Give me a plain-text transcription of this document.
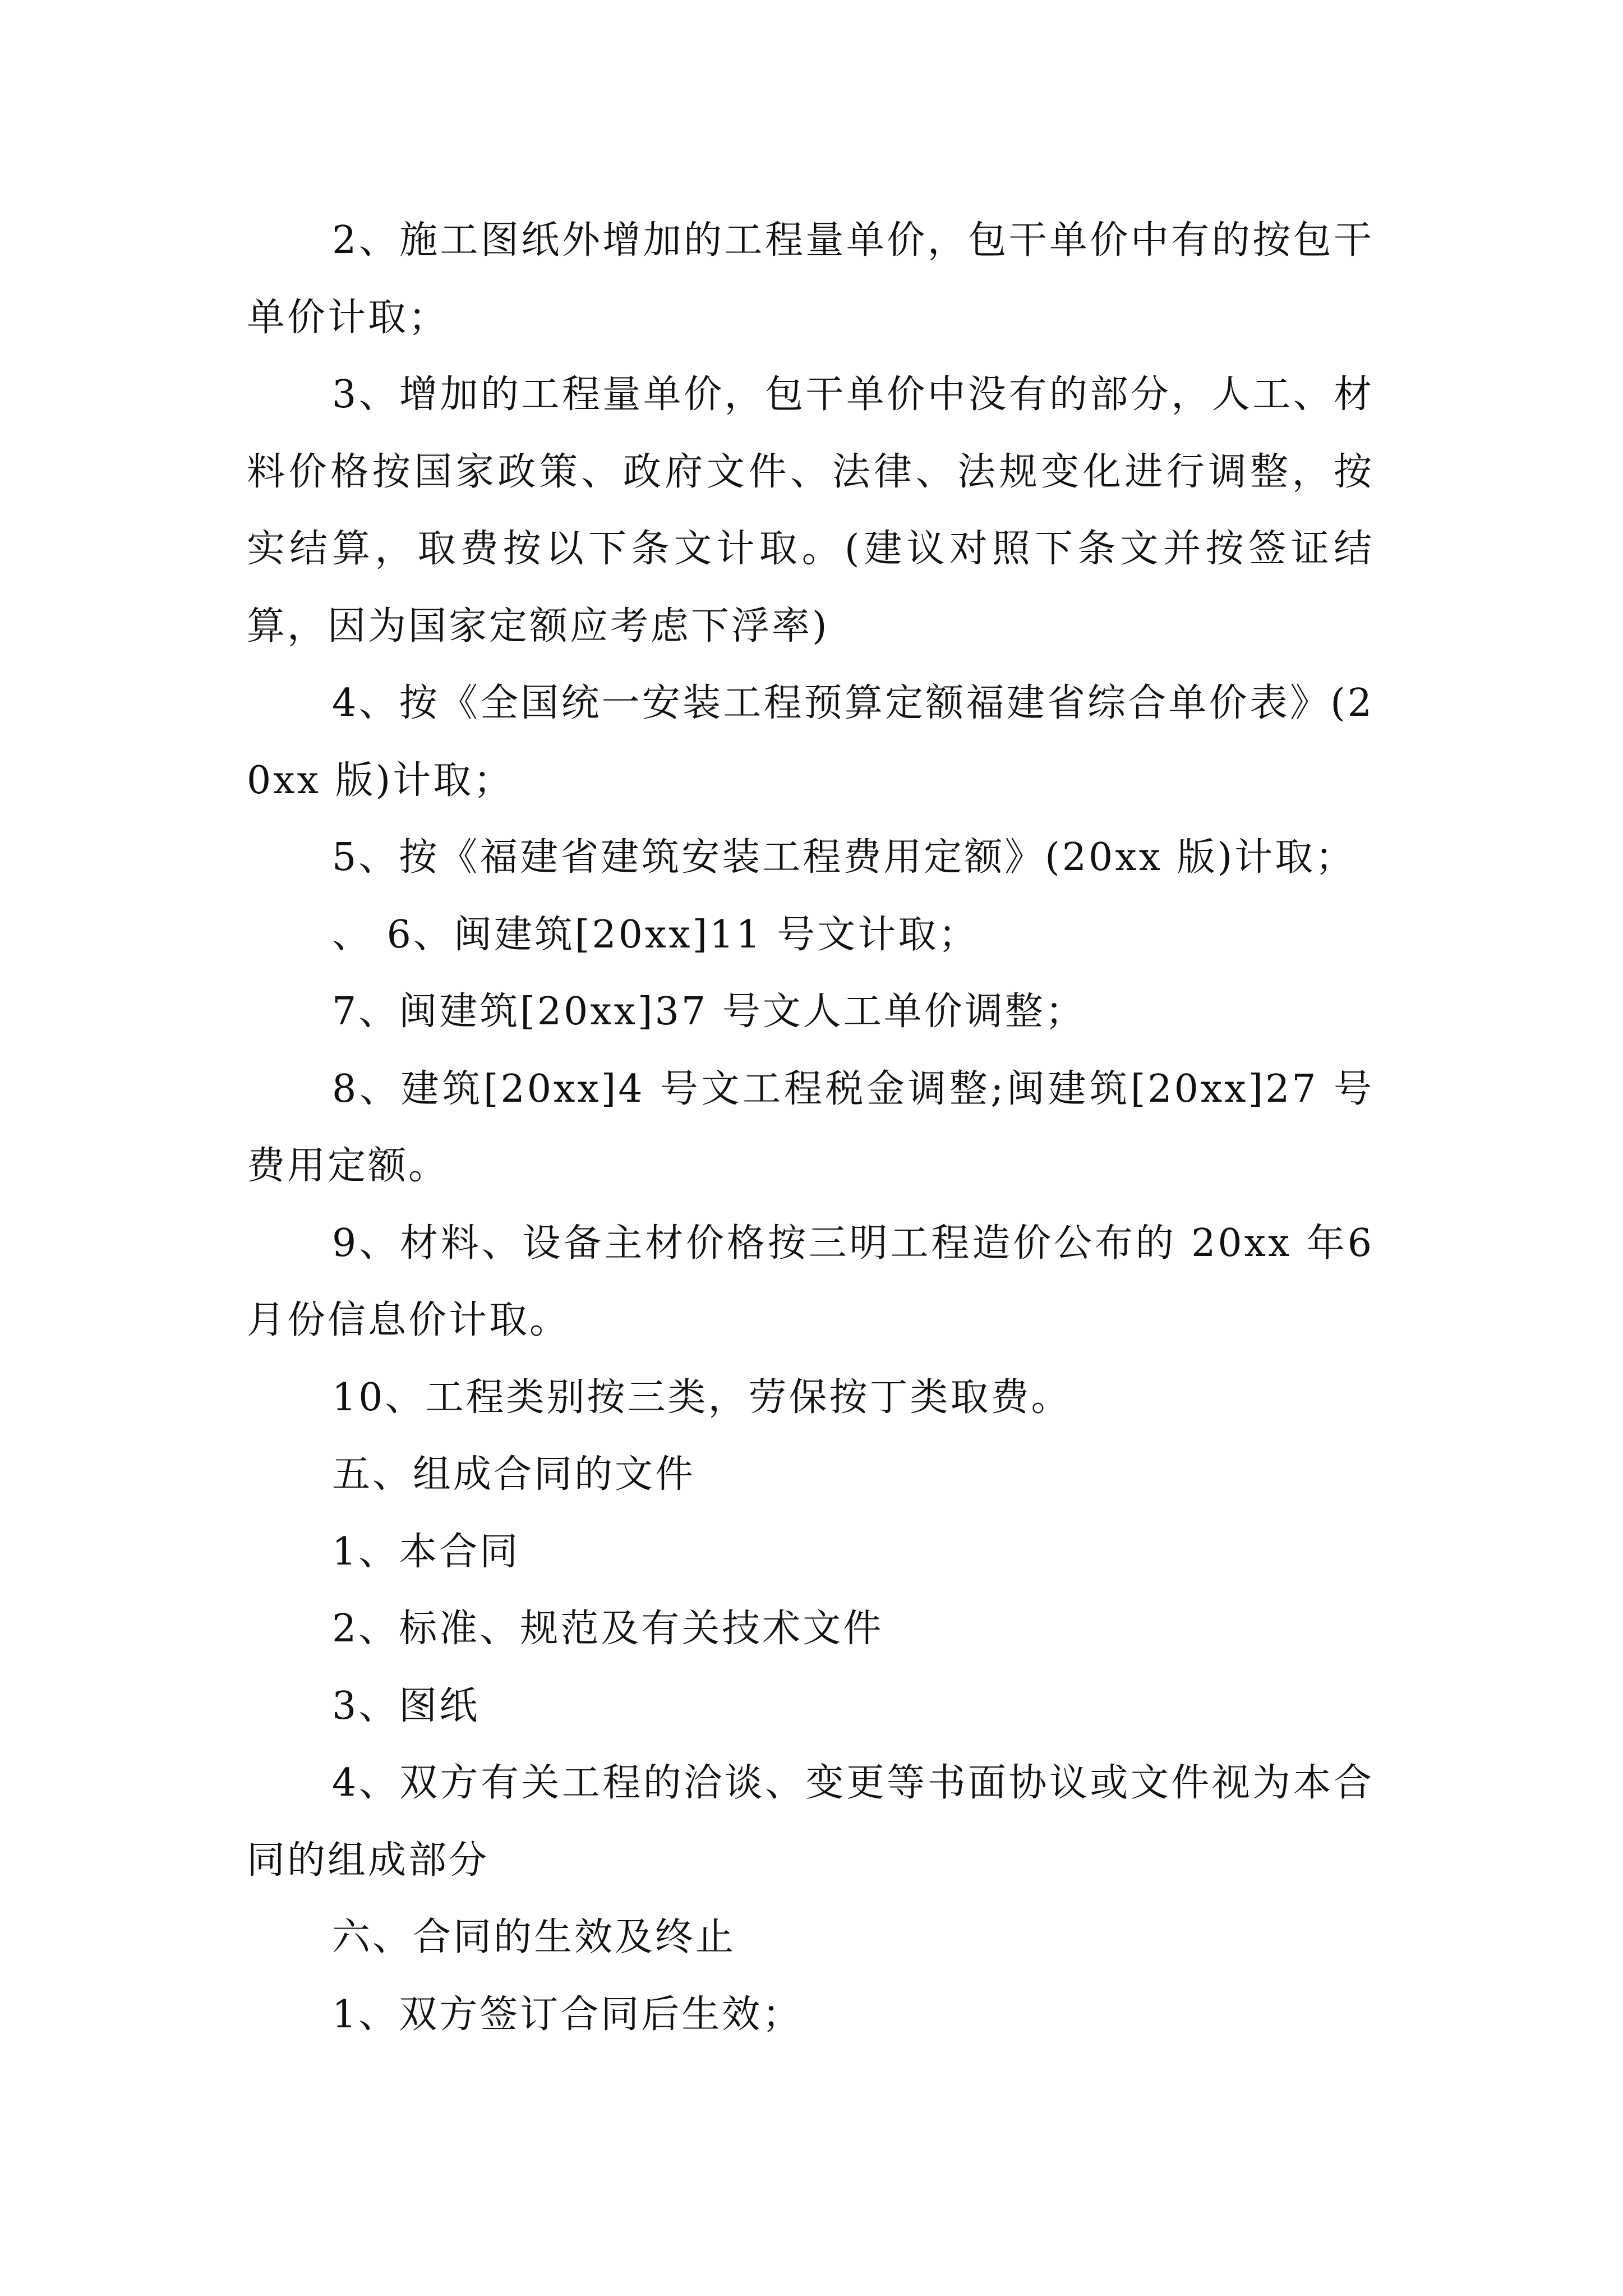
2、施工图纸外增加的工程量单价，包干单价中有的按包干单价计取；

3、增加的工程量单价，包干单价中没有的部分，人工、材料价格按国家政策、政府文件、法律、法规变化进行调整，按实结算，取费按以下条文计取。(建议对照下条文并按签证结算，因为国家定额应考虑下浮率)

4、按《全国统一安装工程预算定额福建省综合单价表》(20xx 版)计取；

5、按《福建省建筑安装工程费用定额》(20xx 版)计取；

、 6、闽建筑[20xx]11 号文计取；

7、闽建筑[20xx]37 号文人工单价调整；

8、建筑[20xx]4 号文工程税金调整;闽建筑[20xx]27 号费用定额。

9、材料、设备主材价格按三明工程造价公布的 20xx 年6 月份信息价计取。

10、工程类别按三类，劳保按丁类取费。

五、组成合同的文件

1、本合同

2、标准、规范及有关技术文件

3、图纸

4、双方有关工程的洽谈、变更等书面协议或文件视为本合同的组成部分

六、合同的生效及终止

1、双方签订合同后生效；
